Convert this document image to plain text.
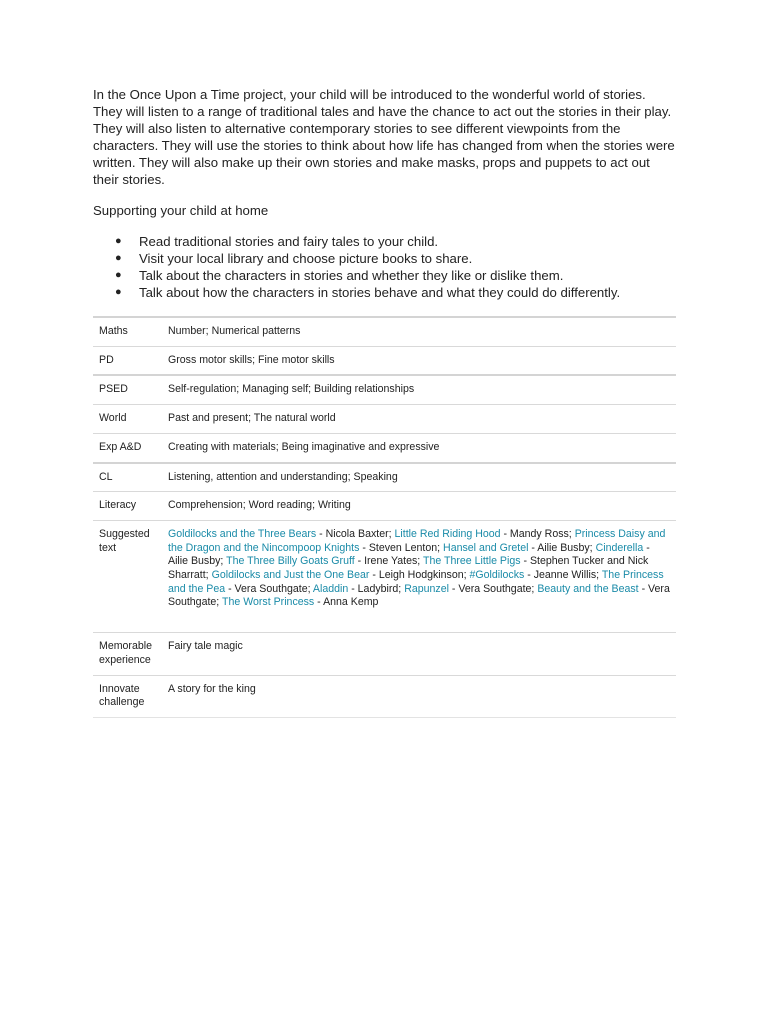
In the Once Upon a Time project, your child will be introduced to the wonderful world of stories. They will listen to a range of traditional tales and have the chance to act out the stories in their play. They will also listen to alternative contemporary stories to see different viewpoints from the characters. They will use the stories to think about how life has changed from when the stories were written. They will also make up their own stories and make masks, props and puppets to act out their stories.

Supporting your child at home

● Read traditional stories and fairy tales to your child.
● Visit your local library and choose picture books to share.
● Talk about the characters in stories and whether they like or dislike them.
● Talk about how the characters in stories behave and what they could do differently.
Maths	Number; Numerical patterns
PD	Gross motor skills; Fine motor skills
PSED	Self-regulation; Managing self; Building relationships
World	Past and present; The natural world
Exp A&D	Creating with materials; Being imaginative and expressive
CL	Listening, attention and understanding; Speaking
Literacy	Comprehension; Word reading; Writing
Suggested text	Goldilocks and the Three Bears - Nicola Baxter; Little Red Riding Hood - Mandy Ross; Princess Daisy and the Dragon and the Nincompoop Knights - Steven Lenton; Hansel and Gretel - Ailie Busby; Cinderella - Ailie Busby; The Three Billy Goats Gruff - Irene Yates; The Three Little Pigs - Stephen Tucker and Nick Sharratt; Goldilocks and Just the One Bear - Leigh Hodgkinson; #Goldilocks - Jeanne Willis; The Princess and the Pea - Vera Southgate; Aladdin - Ladybird; Rapunzel - Vera Southgate; Beauty and the Beast - Vera Southgate; The Worst Princess - Anna Kemp
Memorable experience	Fairy tale magic
Innovate challenge	A story for the king
